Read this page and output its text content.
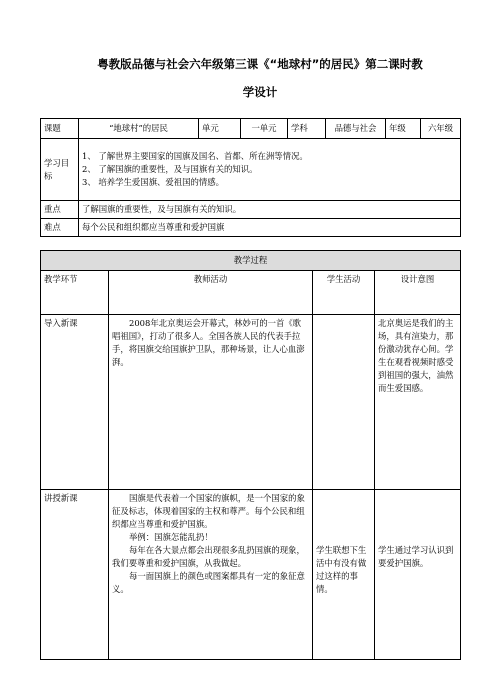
粤教版品德与社会六年级第三课《“地球村”的居民》第二课时教
学设计
课题	“地球村”的居民	单元	一单元	学科	品德与社会	年级	六年级
学习目标	1、 了解世界主要国家的国旗及国名、首都、所在洲等情况。
2、 了解国旗的重要性，及与国旗有关的知识。
3、 培养学生爱国旗、爱祖国的情感。						

重点	了解国旗的重要性，及与国旗有关的知识。						
难点	每个公民和组织都应当尊重和爱护国旗						
教学过程			
教学环节	教师活动	学生活动	设计意图
导入新课	2008年北京奥运会开幕式，林妙可的一首《歌唱祖国》，打动了很多人。全国各族人民的代表手拉手，将国旗交给国旗护卫队，那种场景，让人心血澎湃。		北京奥运是我们的主场，具有渲染力，那份激动犹存心间。学生在观看视频时感受到祖国的强大，油然而生爱国感。
讲授新课	国旗是代表着一个国家的旗帜，是一个国家的象征及标志，体现着国家的主权和尊严。每个公民和组织都应当尊重和爱护国旗。
举例：国旗怎能乱扔！
每年在各大景点都会出现很多乱扔国旗的现象，我们要尊重和爱护国旗，从我做起。
每一面国旗上的颜色或图案都具有一定的象征意义。	学生联想下生活中有没有做过这样的事情。	学生通过学习认识到要爱护国旗。
